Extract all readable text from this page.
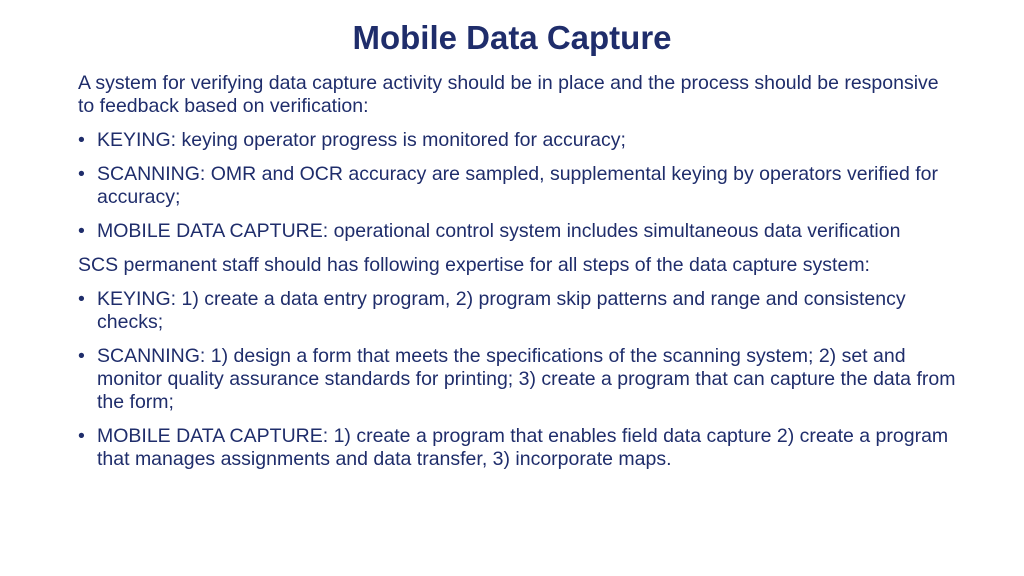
Mobile Data Capture

A system for verifying data capture activity should be in place and the process should be responsive to feedback based on verification:

• KEYING: keying operator progress is monitored for accuracy;
• SCANNING: OMR and OCR accuracy are sampled, supplemental keying by operators verified for accuracy;
• MOBILE DATA CAPTURE: operational control system includes simultaneous data verification

SCS permanent staff should has following expertise for all steps of the data capture system:

• KEYING: 1) create a data entry program, 2) program skip patterns and range and consistency checks;
• SCANNING: 1) design a form that meets the specifications of the scanning system; 2) set and monitor quality assurance standards for printing; 3) create a program that can capture the data from the form;
• MOBILE DATA CAPTURE: 1) create a program that enables field data capture 2) create a program that manages assignments and data transfer, 3) incorporate maps.
